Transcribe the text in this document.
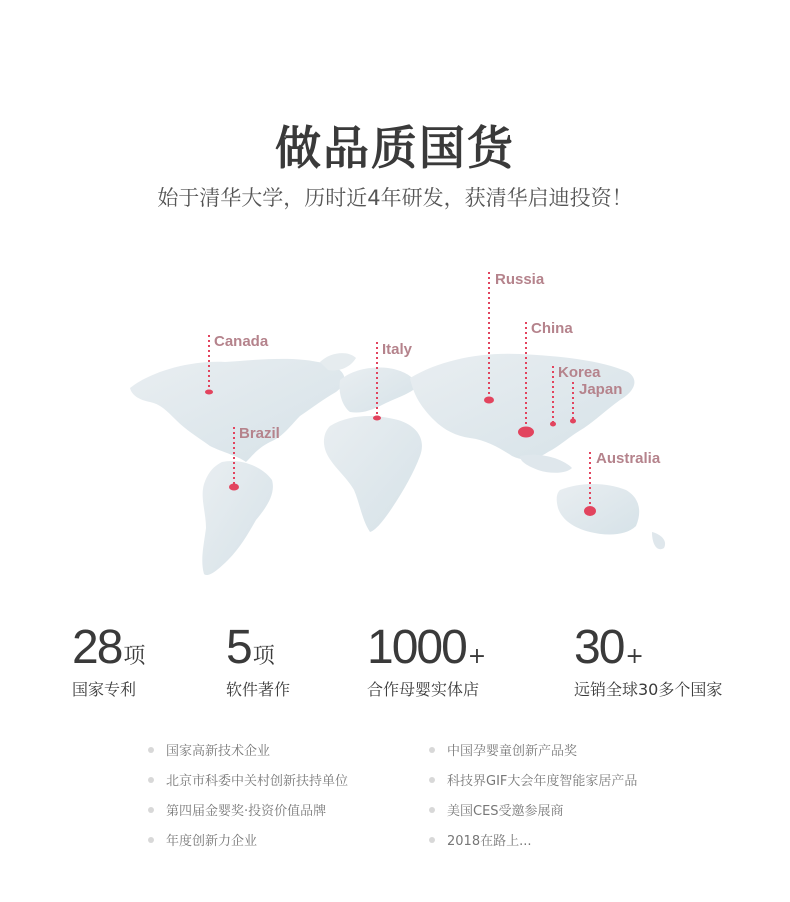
做品质国货
始于清华大学，历时近4年研发，获清华启迪投资！
Canada	Italy
Russia
China
Korea
Japan
Brazil
Australia
28项
国家专利
5项
软件著作
1000+
合作母婴实体店
30+
远销全球30多个国家
国家高新技术企业
北京市科委中关村创新扶持单位
第四届金婴奖·投资价值品牌
年度创新力企业
中国孕婴童创新产品奖
科技界GIF大会年度智能家居产品
美国CES受邀参展商
2018在路上...
